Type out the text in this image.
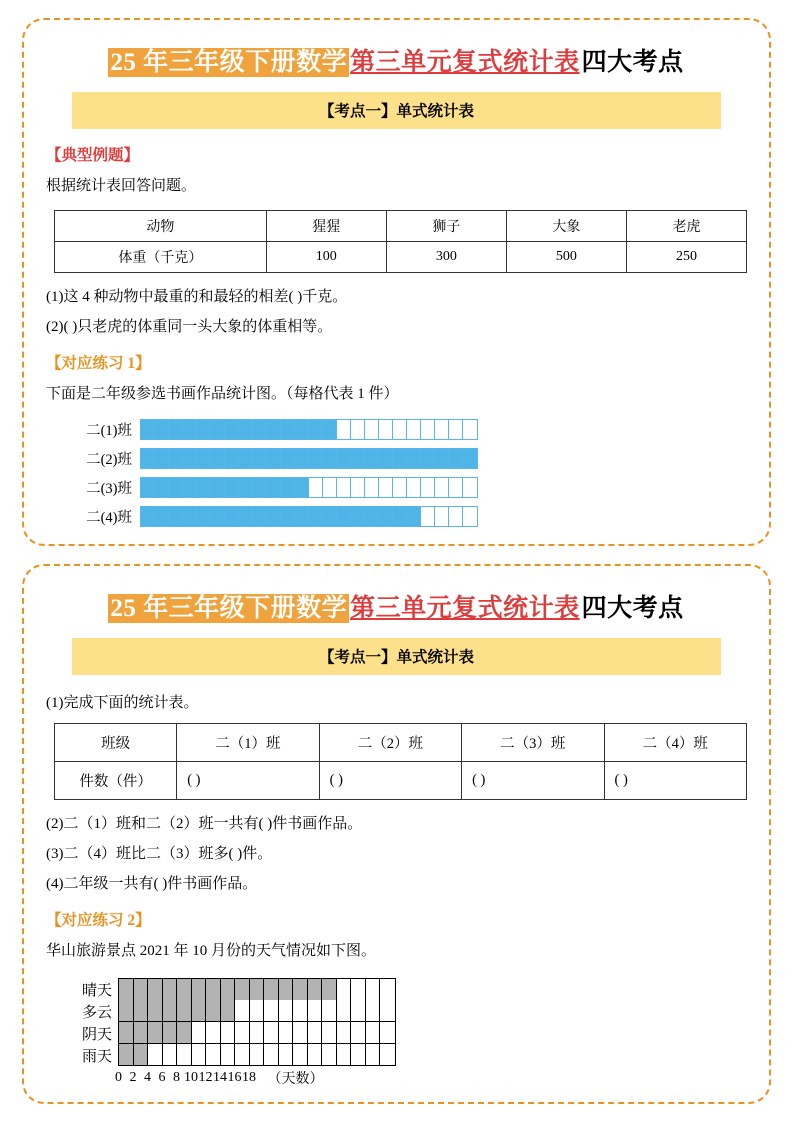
25 年三年级下册数学 第三单元复式统计表四大考点
【考点一】单式统计表
【典型例题】
根据统计表回答问题。
动物	猩猩	狮子	大象	老虎
体重（千克）	100	300	500	250
(1)这 4 种动物中最重的和最轻的相差( )千克。
(2)( )只老虎的体重同一头大象的体重相等。
【对应练习 1】
下面是二年级参选书画作品统计图。（每格代表 1 件）
二(1)班
二(2)班
二(3)班
二(4)班
25 年三年级下册数学 第三单元复式统计表四大考点
【考点一】单式统计表
(1)完成下面的统计表。
班级	二（1）班	二（2）班	二（3）班	二（4）班
件数（件）	( )	( )	( )	( )
(2)二（1）班和二（2）班一共有( )件书画作品。
(3)二（4）班比二（3）班多( )件。
(4)二年级一共有( )件书画作品。
【对应练习 2】
华山旅游景点 2021 年 10 月份的天气情况如下图。
晴天
多云
阴天
雨天
0 2 4 6 8 10 12 14 16 18 （天数）
